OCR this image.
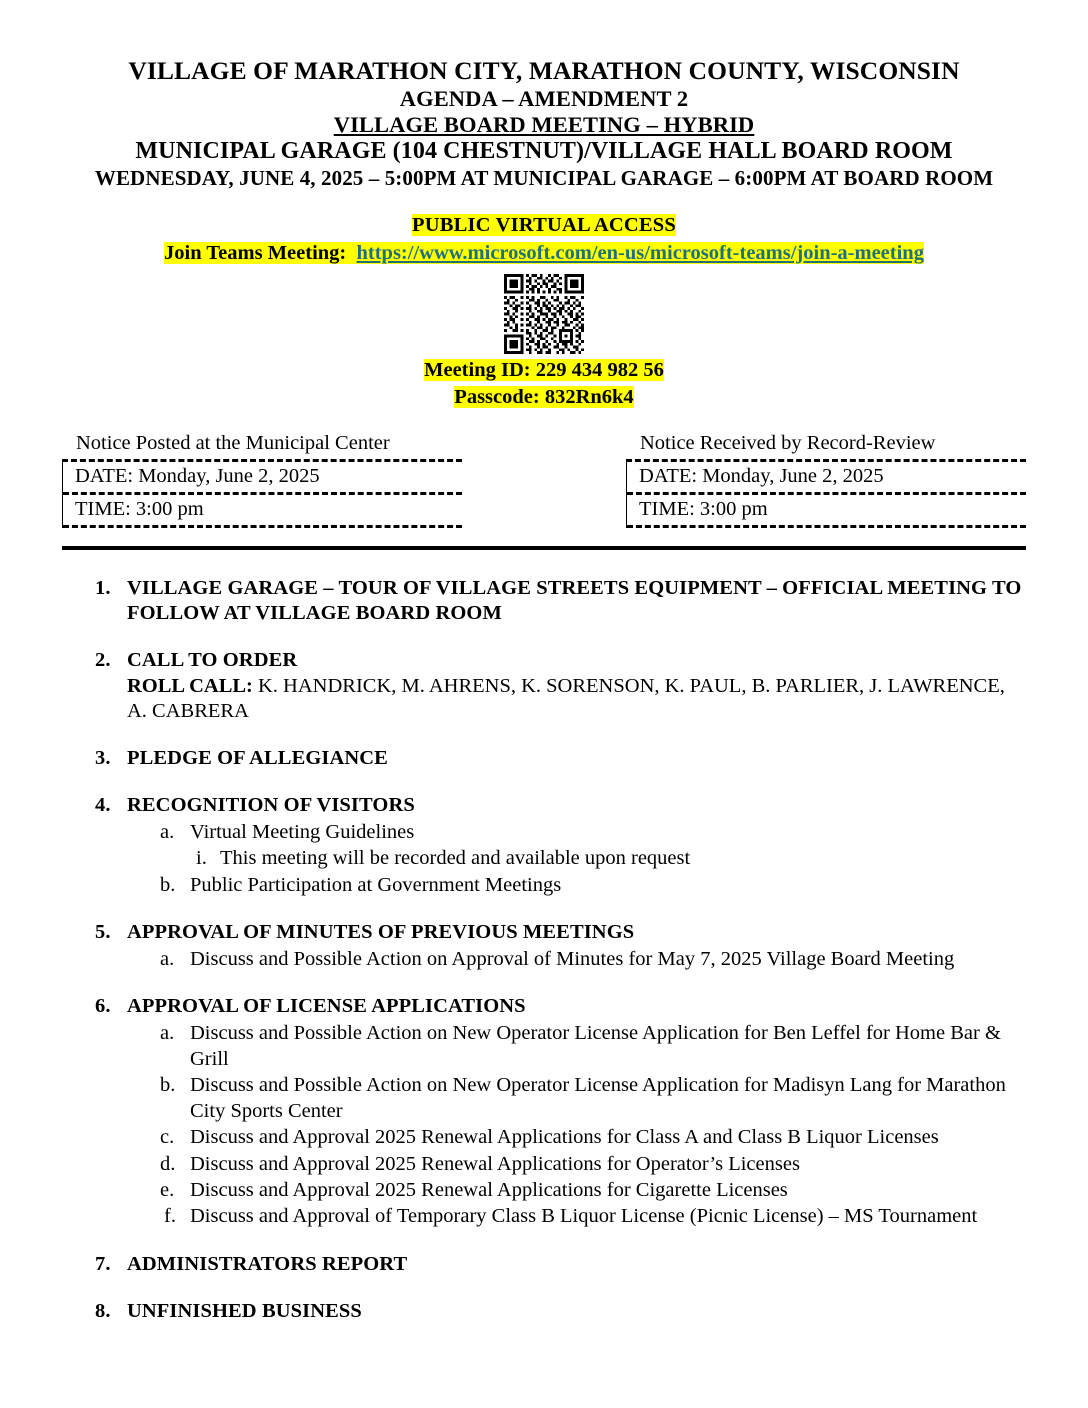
VILLAGE OF MARATHON CITY, MARATHON COUNTY, WISCONSIN
AGENDA – AMENDMENT 2
VILLAGE BOARD MEETING – HYBRID
MUNICIPAL GARAGE (104 CHESTNUT)/VILLAGE HALL BOARD ROOM
WEDNESDAY, JUNE 4, 2025 – 5:00PM AT MUNICIPAL GARAGE – 6:00PM AT BOARD ROOM
PUBLIC VIRTUAL ACCESS
Join Teams Meeting: https://www.microsoft.com/en-us/microsoft-teams/join-a-meeting
Meeting ID: 229 434 982 56
Passcode: 832Rn6k4
Notice Posted at the Municipal Center
DATE: Monday, June 2, 2025
TIME: 3:00 pm
Notice Received by Record-Review
DATE: Monday, June 2, 2025
TIME: 3:00 pm
1. VILLAGE GARAGE – TOUR OF VILLAGE STREETS EQUIPMENT – OFFICIAL MEETING TO FOLLOW AT VILLAGE BOARD ROOM
2. CALL TO ORDER
ROLL CALL: K. HANDRICK, M. AHRENS, K. SORENSON, K. PAUL, B. PARLIER, J. LAWRENCE, A. CABRERA
3. PLEDGE OF ALLEGIANCE
4. RECOGNITION OF VISITORS
a. Virtual Meeting Guidelines
i. This meeting will be recorded and available upon request
b. Public Participation at Government Meetings
5. APPROVAL OF MINUTES OF PREVIOUS MEETINGS
a. Discuss and Possible Action on Approval of Minutes for May 7, 2025 Village Board Meeting
6. APPROVAL OF LICENSE APPLICATIONS
a. Discuss and Possible Action on New Operator License Application for Ben Leffel for Home Bar & Grill
b. Discuss and Possible Action on New Operator License Application for Madisyn Lang for Marathon City Sports Center
c. Discuss and Approval 2025 Renewal Applications for Class A and Class B Liquor Licenses
d. Discuss and Approval 2025 Renewal Applications for Operator’s Licenses
e. Discuss and Approval 2025 Renewal Applications for Cigarette Licenses
f. Discuss and Approval of Temporary Class B Liquor License (Picnic License) – MS Tournament
7. ADMINISTRATORS REPORT
8. UNFINISHED BUSINESS
